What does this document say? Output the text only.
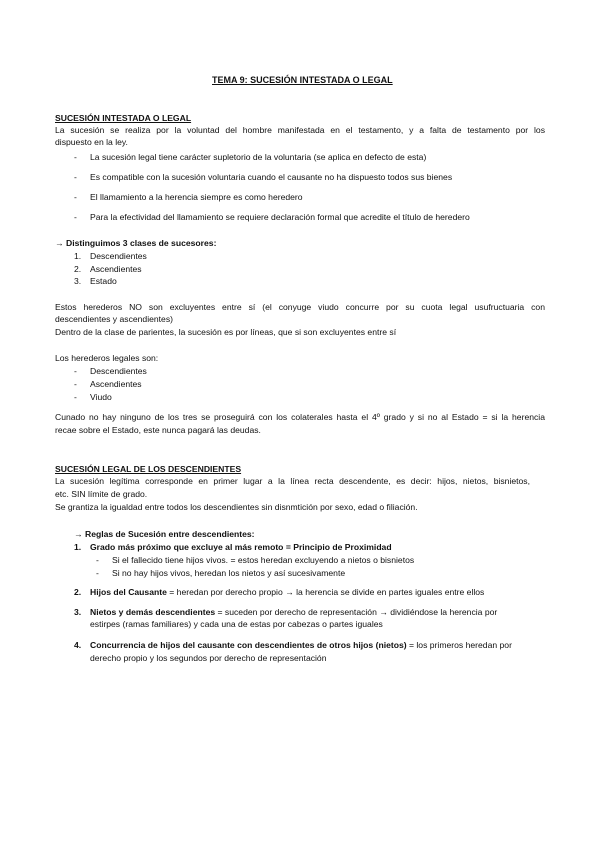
TEMA 9: SUCESIÓN INTESTADA O LEGAL
SUCESIÓN INTESTADA O LEGAL
La sucesión se realiza por la voluntad del hombre manifestada en el testamento, y a falta de testamento por los
dispuesto en la ley.
- La sucesión legal tiene carácter supletorio de la voluntaria (se aplica en defecto de esta)
- Es compatible con la sucesión voluntaria cuando el causante no ha dispuesto todos sus bienes
- El llamamiento a la herencia siempre es como heredero
- Para la efectividad del llamamiento se requiere declaración formal que acredite el título de heredero
→ Distinguimos 3 clases de sucesores:
1. Descendientes
2. Ascendientes
3. Estado
Estos herederos NO son excluyentes entre sí (el conyuge viudo concurre por su cuota legal usufructuaria con
descendientes y ascendientes)
Dentro de la clase de parientes, la sucesión es por líneas, que si son excluyentes entre sí
Los herederos legales son:
- Descendientes
- Ascendientes
- Viudo
Cunado no hay ninguno de los tres se proseguirá con los colaterales hasta el 4º grado y si no al Estado = si la herencia
recae sobre el Estado, este nunca pagará las deudas.
SUCESIÓN LEGAL DE LOS DESCENDIENTES
La sucesión legítima corresponde en primer lugar a la línea recta descendente, es decir: hijos, nietos, bisnietos,
etc. SIN límite de grado.
Se grantiza la igualdad entre todos los descendientes sin disnmtición por sexo, edad o filiación.
→ Reglas de Sucesión entre descendientes:
1. Grado más próximo que excluye al más remoto = Principio de Proximidad
- Si el fallecido tiene hijos vivos. = estos heredan excluyendo a nietos o bisnietos
- Si no hay hijos vivos, heredan los nietos y así sucesivamente
2. Hijos del Causante = heredan por derecho propio → la herencia se divide en partes iguales entre ellos
3. Nietos y demás descendientes = suceden por derecho de representación → dividiéndose la herencia por
estirpes (ramas familiares) y cada una de estas por cabezas o partes iguales
4. Concurrencia de hijos del causante con descendientes de otros hijos (nietos) = los primeros heredan por
derecho propio y los segundos por derecho de representación
